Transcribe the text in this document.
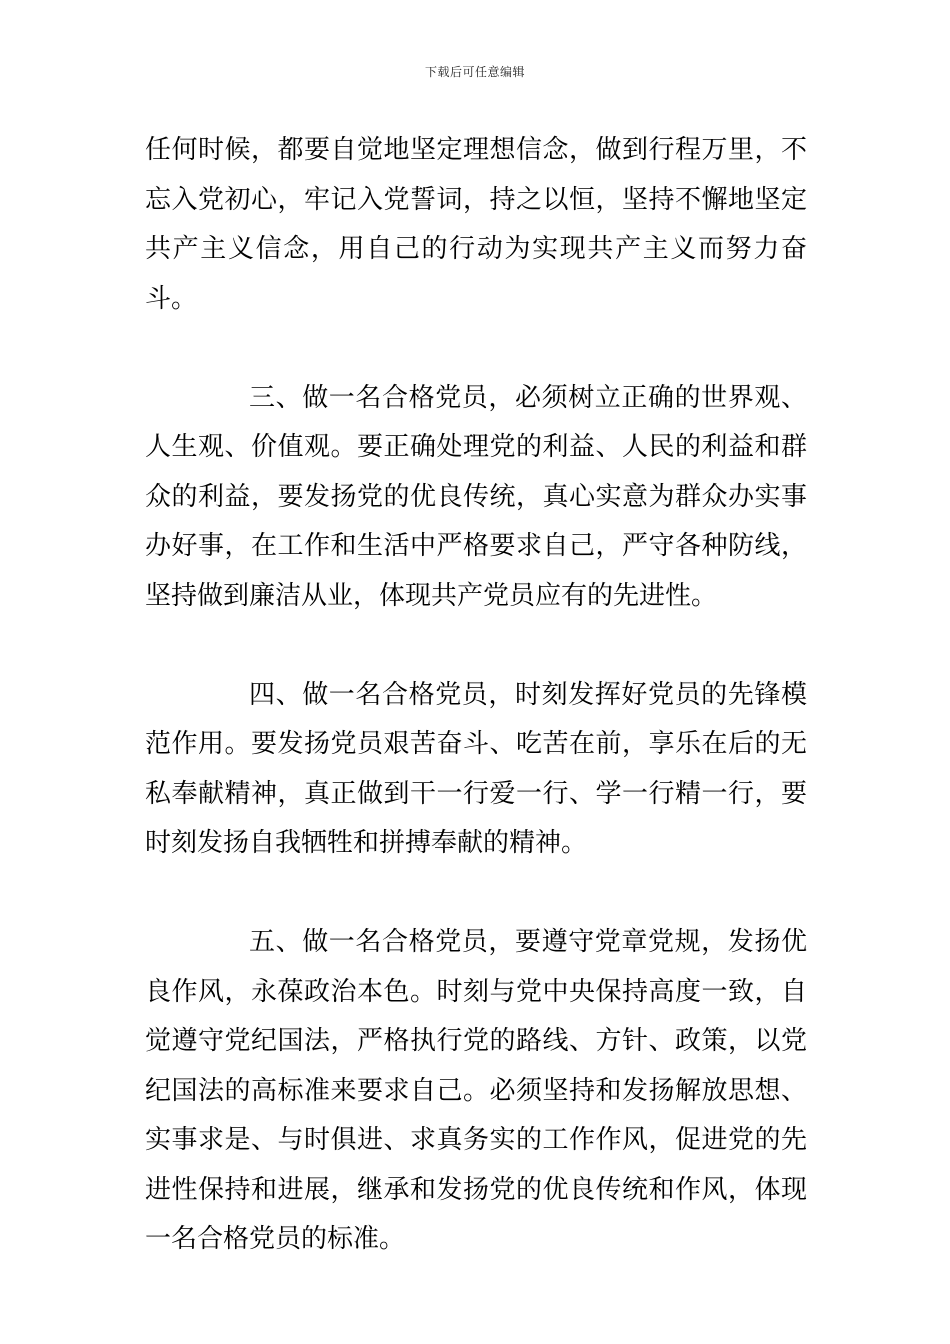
下载后可任意编辑

任何时候，都要自觉地坚定理想信念，做到行程万里，不忘入党初心，牢记入党誓词，持之以恒，坚持不懈地坚定共产主义信念，用自己的行动为实现共产主义而努力奋斗。

三、做一名合格党员，必须树立正确的世界观、人生观、价值观。要正确处理党的利益、人民的利益和群众的利益，要发扬党的优良传统，真心实意为群众办实事办好事，在工作和生活中严格要求自己，严守各种防线，坚持做到廉洁从业，体现共产党员应有的先进性。

四、做一名合格党员，时刻发挥好党员的先锋模范作用。要发扬党员艰苦奋斗、吃苦在前，享乐在后的无私奉献精神，真正做到干一行爱一行、学一行精一行，要时刻发扬自我牺牲和拼搏奉献的精神。

五、做一名合格党员，要遵守党章党规，发扬优良作风，永葆政治本色。时刻与党中央保持高度一致，自觉遵守党纪国法，严格执行党的路线、方针、政策，以党纪国法的高标准来要求自己。必须坚持和发扬解放思想、实事求是、与时俱进、求真务实的工作作风，促进党的先进性保持和进展，继承和发扬党的优良传统和作风，体现一名合格党员的标准。
